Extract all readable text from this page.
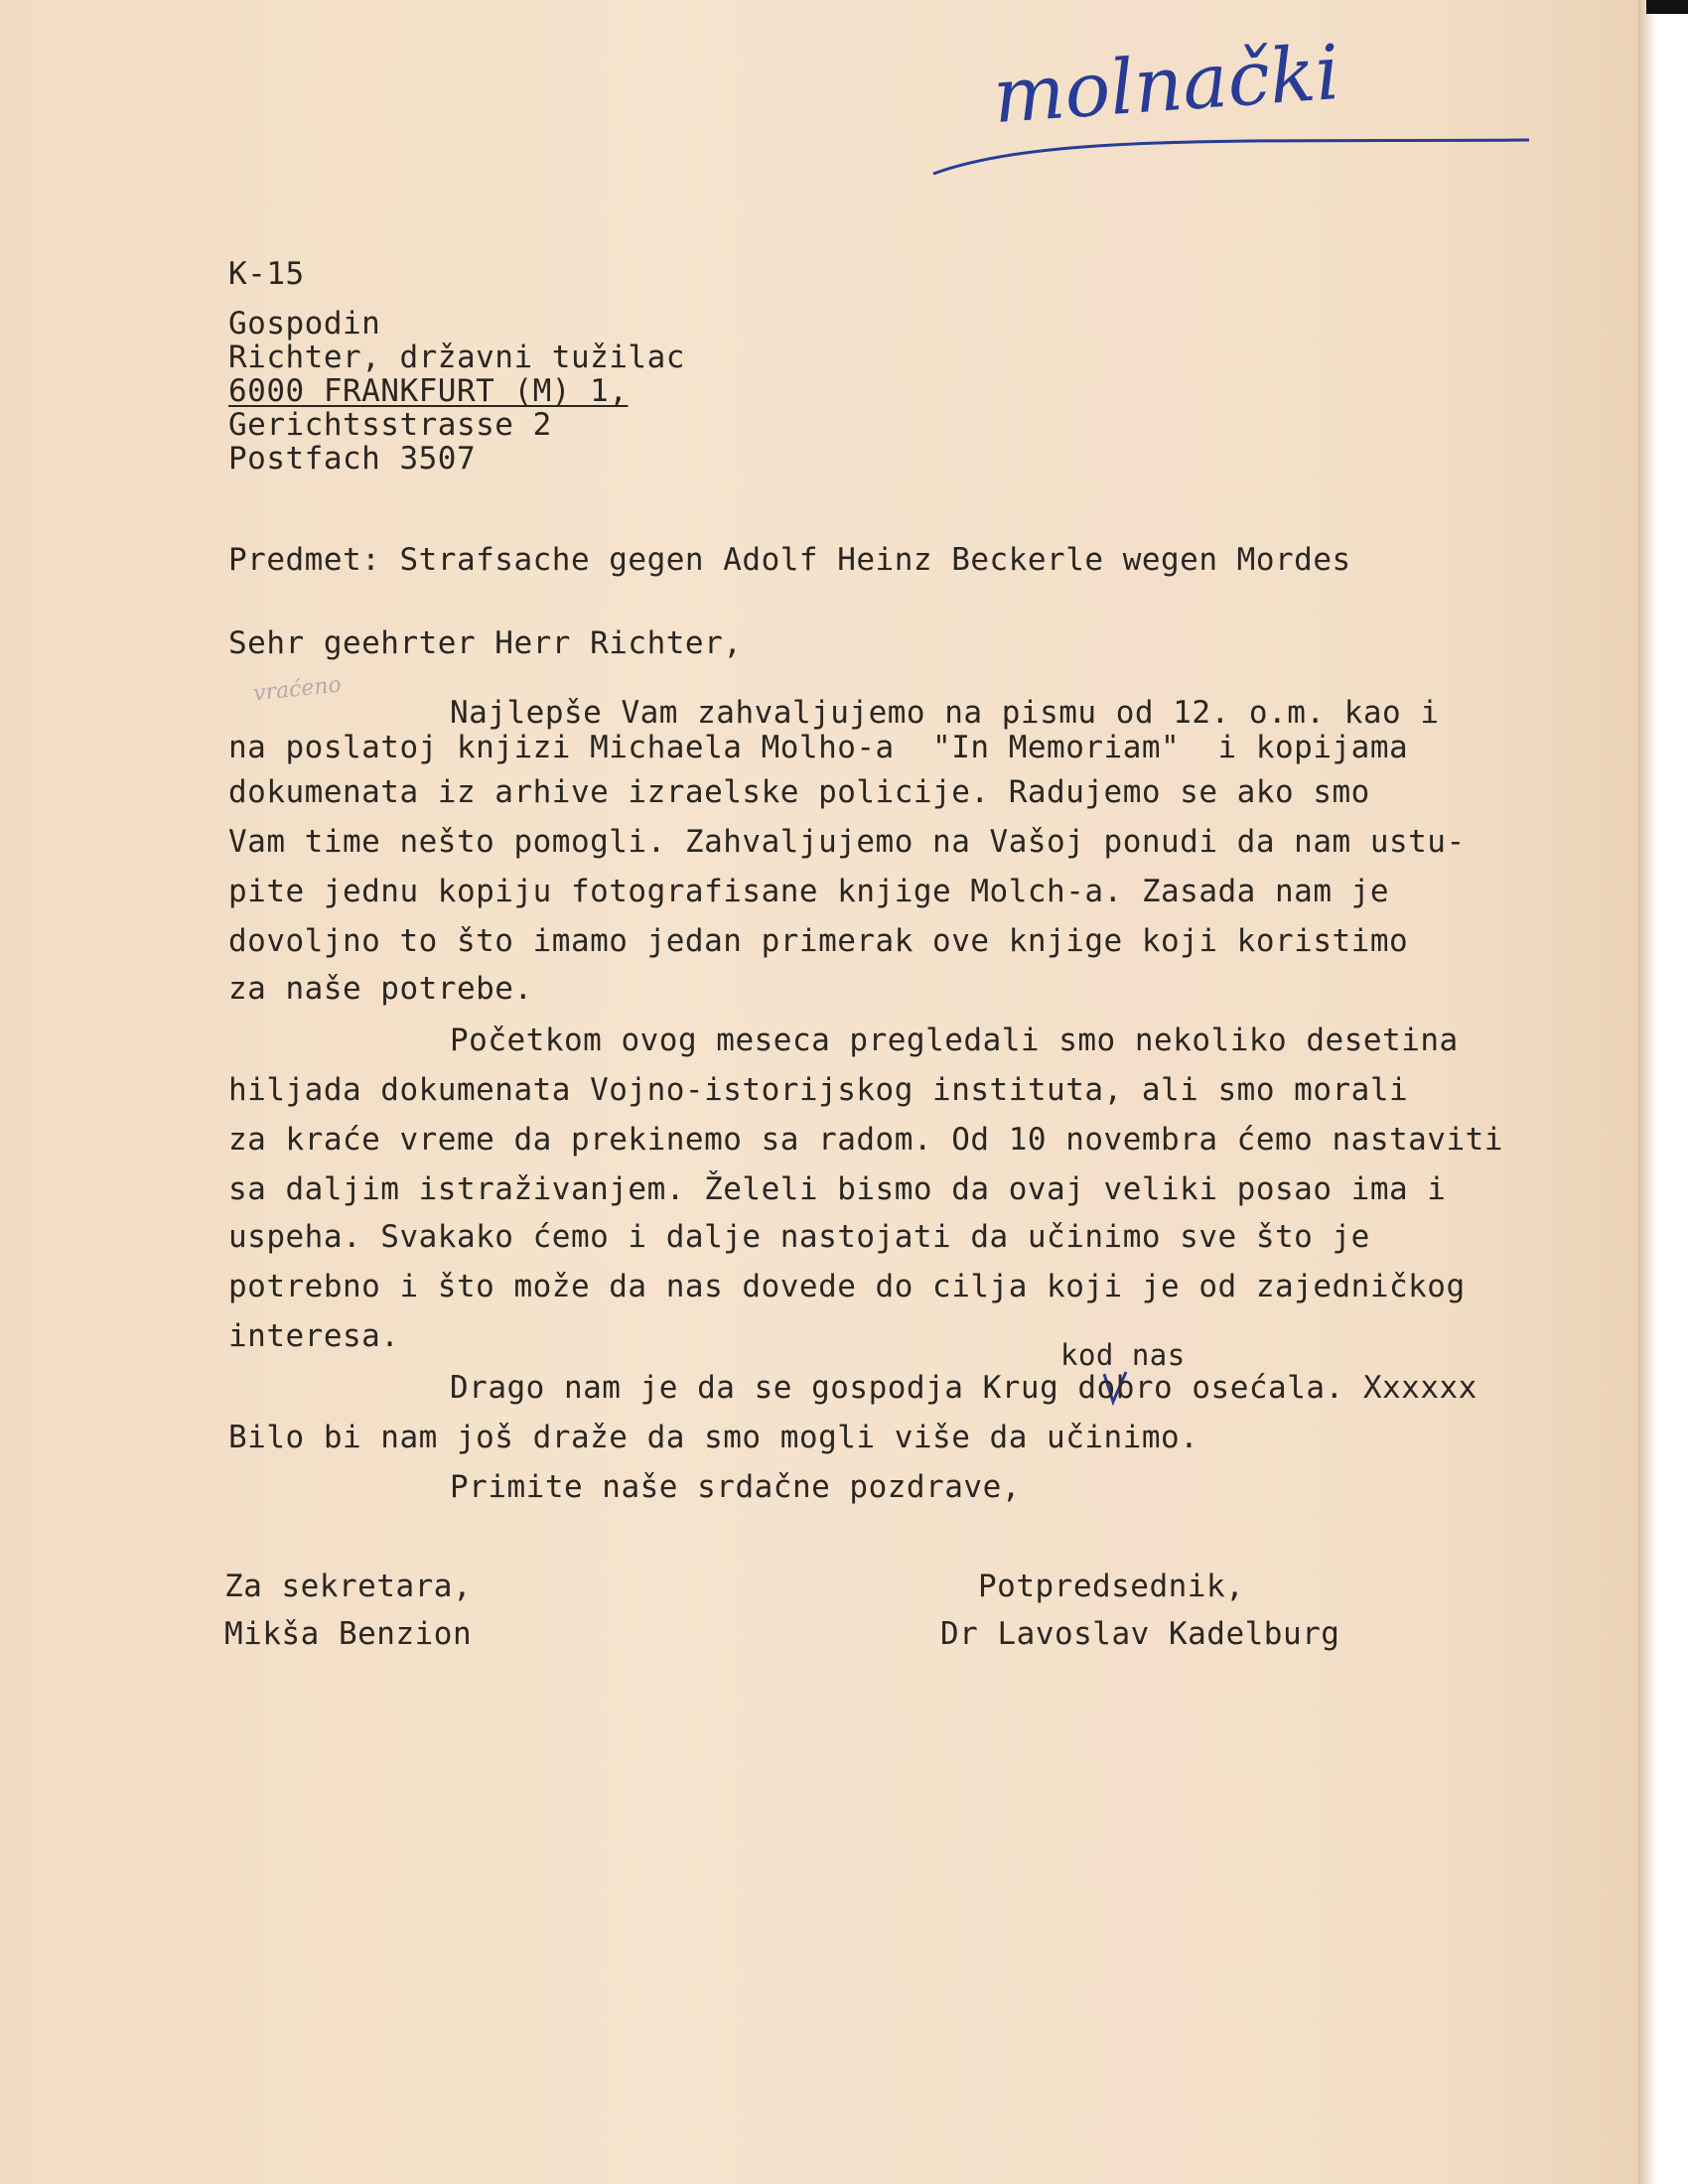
molnački

K-15

Gospodin

Richter, državni tužilac

6000 FRANKFURT (M) 1,

Gerichtsstrasse 2

Postfach 3507

Predmet: Strafsache gegen Adolf Heinz Beckerle wegen Mordes

Sehr geehrter Herr Richter,

vraćeno

Najlepše Vam zahvaljujemo na pismu od 12. o.m. kao i

na poslatoj knjizi Michaela Molho-a  "In Memoriam"  i kopijama

dokumenata iz arhive izraelske policije. Radujemo se ako smo

Vam time nešto pomogli. Zahvaljujemo na Vašoj ponudi da nam ustu-

pite jednu kopiju fotografisane knjige Molch-a. Zasada nam je

dovoljno to što imamo jedan primerak ove knjige koji koristimo

za naše potrebe.

Početkom ovog meseca pregledali smo nekoliko desetina

hiljada dokumenata Vojno-istorijskog instituta, ali smo morali

za kraće vreme da prekinemo sa radom. Od 10 novembra ćemo nastaviti

sa daljim istraživanjem. Želeli bismo da ovaj veliki posao ima i

uspeha. Svakako ćemo i dalje nastojati da učinimo sve što je

potrebno i što može da nas dovede do cilja koji je od zajedničkog

interesa.

kod nas

Drago nam je da se gospodja Krug dobro osećala. Xxxxxx

Bilo bi nam još draže da smo mogli više da učinimo.

Primite naše srdačne pozdrave,

Za sekretara,

Mikša Benzion

Potpredsednik,

Dr Lavoslav Kadelburg
